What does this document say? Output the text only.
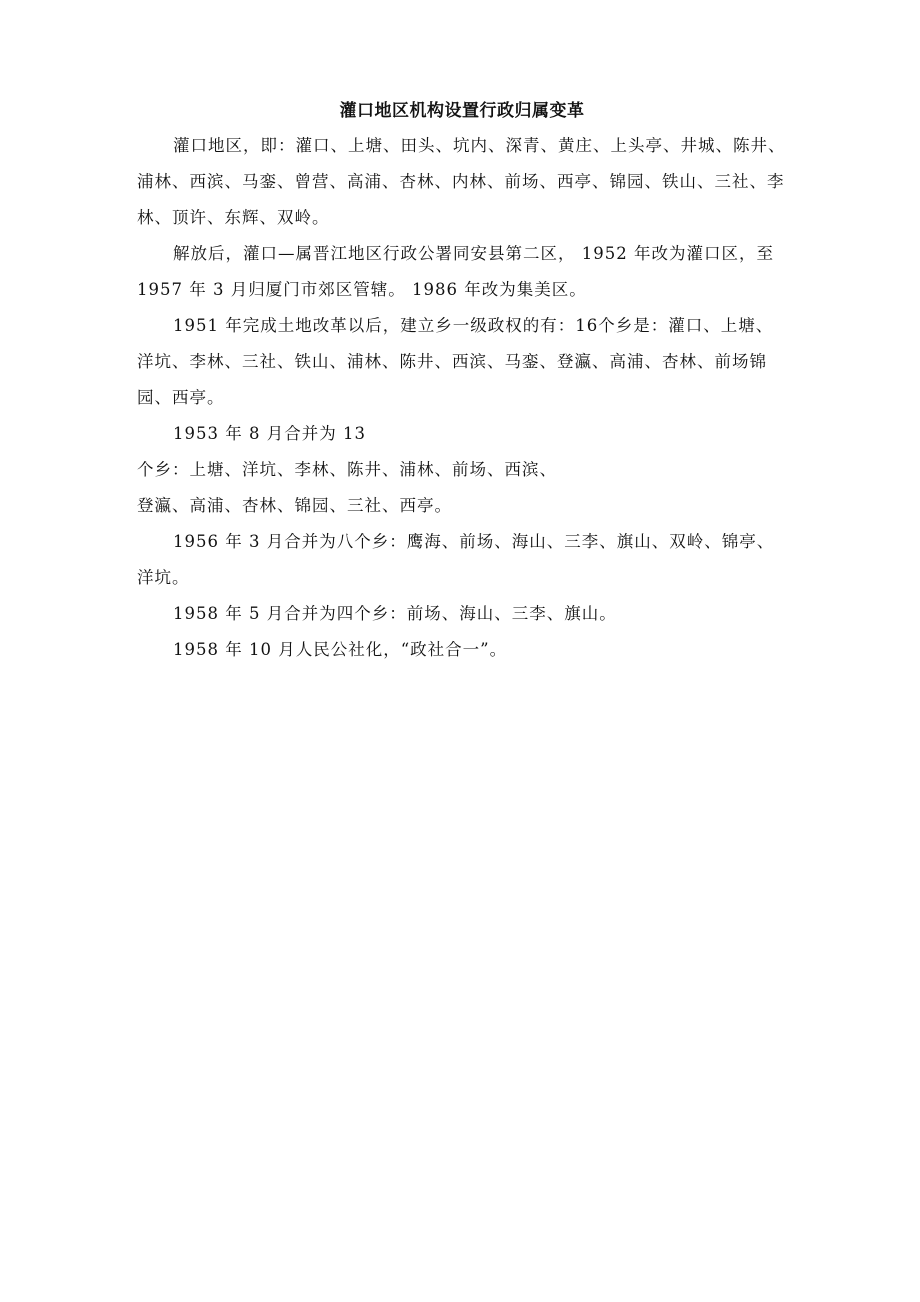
灌口地区机构设置行政归属变革

灌口地区，即：灌口、上塘、田头、坑内、深青、黄庄、上头亭、井城、陈井、浦林、西滨、马銮、曾营、高浦、杏林、内林、前场、西亭、锦园、铁山、三社、李林、顶许、东辉、双岭。

解放后，灌口—属晋江地区行政公署同安县第二区， 1952 年改为灌口区，至 1957 年 3 月归厦门市郊区管辖。 1986 年改为集美区。

1951 年完成土地改革以后，建立乡一级政权的有：16个乡是：灌口、上塘、洋坑、李林、三社、铁山、浦林、陈井、西滨、马銮、登瀛、高浦、杏林、前场锦园、西亭。

1953 年 8 月合并为 13
个乡：上塘、洋坑、李林、陈井、浦林、前场、西滨、
登瀛、高浦、杏林、锦园、三社、西亭。

1956 年 3 月合并为八个乡：鹰海、前场、海山、三李、旗山、双岭、锦亭、洋坑。

1958 年 5 月合并为四个乡：前场、海山、三李、旗山。

1958 年 10 月人民公社化，“政社合一”。
